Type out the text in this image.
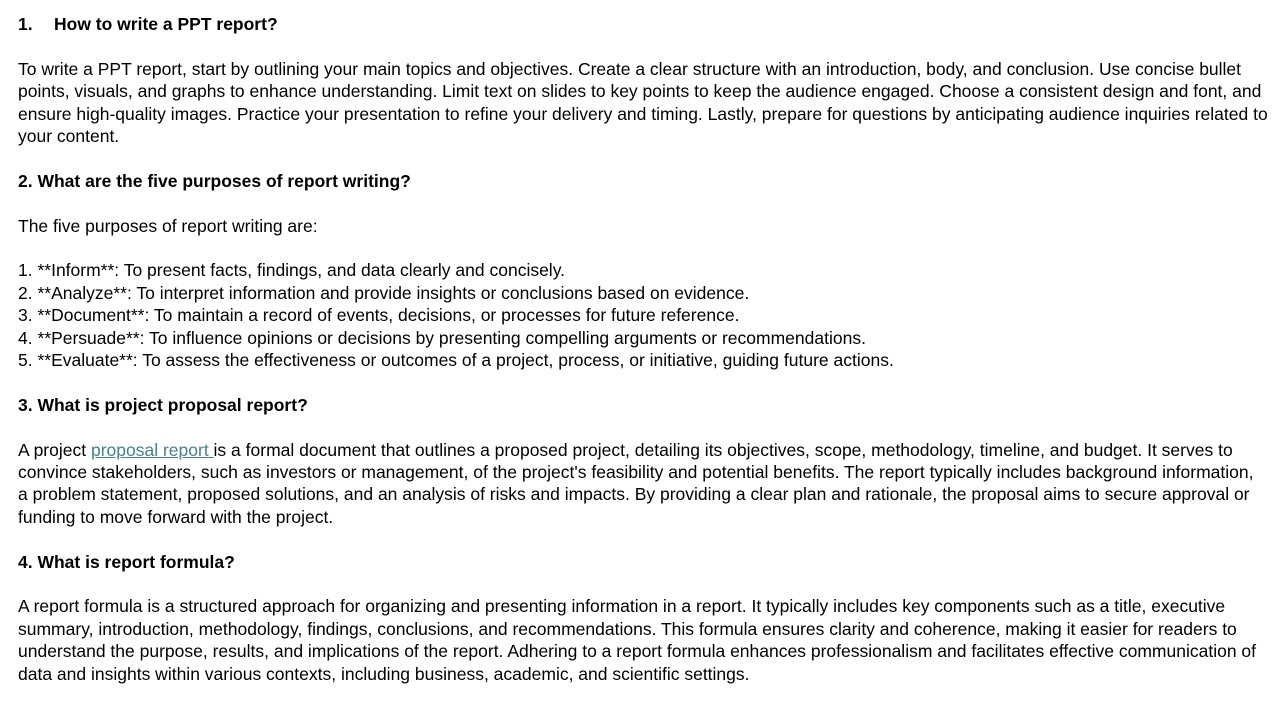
1. How to write a PPT report?

To write a PPT report, start by outlining your main topics and objectives. Create a clear structure with an introduction, body, and conclusion. Use concise bullet points, visuals, and graphs to enhance understanding. Limit text on slides to key points to keep the audience engaged. Choose a consistent design and font, and ensure high-quality images. Practice your presentation to refine your delivery and timing. Lastly, prepare for questions by anticipating audience inquiries related to your content.

2. What are the five purposes of report writing?

The five purposes of report writing are:

1. **Inform**: To present facts, findings, and data clearly and concisely.
2. **Analyze**: To interpret information and provide insights or conclusions based on evidence.
3. **Document**: To maintain a record of events, decisions, or processes for future reference.
4. **Persuade**: To influence opinions or decisions by presenting compelling arguments or recommendations.
5. **Evaluate**: To assess the effectiveness or outcomes of a project, process, or initiative, guiding future actions.
3. What is project proposal report?

A project proposal report is a formal document that outlines a proposed project, detailing its objectives, scope, methodology, timeline, and budget. It serves to convince stakeholders, such as investors or management, of the project's feasibility and potential benefits. The report typically includes background information, a problem statement, proposed solutions, and an analysis of risks and impacts. By providing a clear plan and rationale, the proposal aims to secure approval or funding to move forward with the project.

4. What is report formula?

A report formula is a structured approach for organizing and presenting information in a report. It typically includes key components such as a title, executive summary, introduction, methodology, findings, conclusions, and recommendations. This formula ensures clarity and coherence, making it easier for readers to understand the purpose, results, and implications of the report. Adhering to a report formula enhances professionalism and facilitates effective communication of data and insights within various contexts, including business, academic, and scientific settings.
